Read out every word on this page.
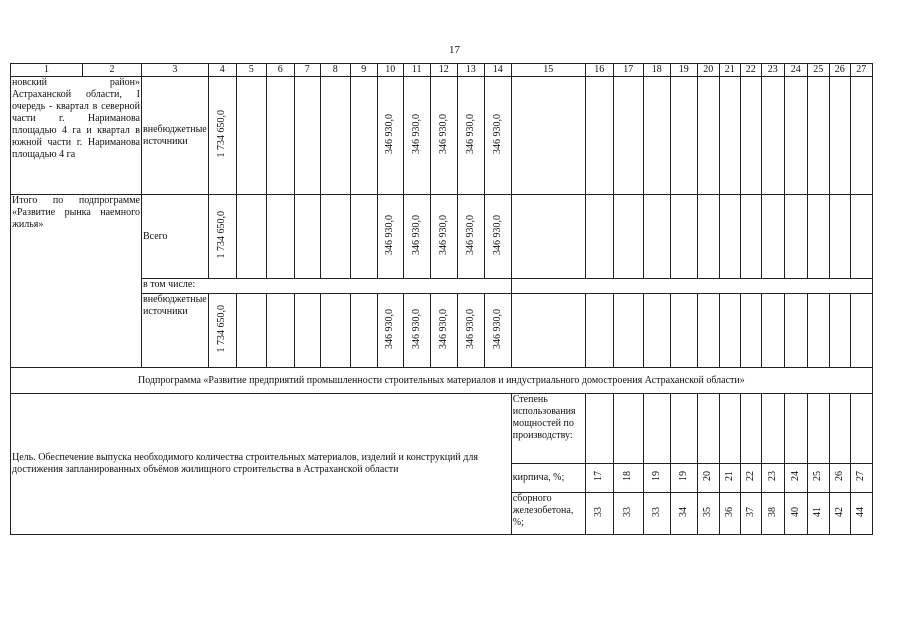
17
1	2	3	4	5	6	7	8	9	10	11	12	13	14	15	16	17	18	19	20	21	22	23	24	25	26	27
новский район» Астраханской области, I очередь - квартал в северной части г. Нариманова площадью 4 га и квартал в южной части г. Нариманова площадью 4 га		внебюджетные источники	1 734 650,0						346 930,0	346 930,0	346 930,0	346 930,0	346 930,0													
Итого по подпрограмме «Развитие рынка наемного жилья»		Всего	1 734 650,0						346 930,0	346 930,0	346 930,0	346 930,0	346 930,0													
		в том числе:																								
		внебюджетные источники	1 734 650,0						346 930,0	346 930,0	346 930,0	346 930,0	346 930,0													
Подпрограмма «Развитие предприятий промышленности строительных материалов и индустриального домостроения Астраханской области»																										
Цель. Обеспечение выпуска необходимого количества строительных материалов, изделий и конструкций для достижения запланированных объёмов жилищного строительства в Астраханской области														Степень использования мощностей по производству:												
														кирпича, %;	17	18	19	19	20	21	22	23	24	25	26	27
														сборного железобетона, %;	33	33	33	34	35	36	37	38	40	41	42	44
